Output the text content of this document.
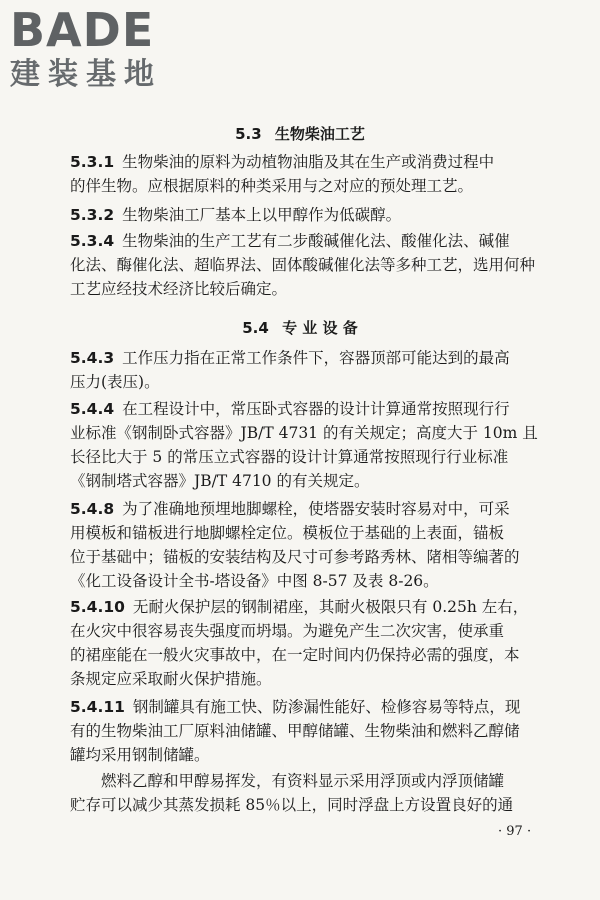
BADE
建装基地
5.3 生物柴油工艺
5.3.1 生物柴油的原料为动植物油脂及其在生产或消费过程中
的伴生物。应根据原料的种类采用与之对应的预处理工艺。
5.3.2 生物柴油工厂基本上以甲醇作为低碳醇。
5.3.4 生物柴油的生产工艺有二步酸碱催化法、酸催化法、碱催
化法、酶催化法、超临界法、固体酸碱催化法等多种工艺，选用何种
工艺应经技术经济比较后确定。
5.4 专 业 设 备
5.4.3 工作压力指在正常工作条件下，容器顶部可能达到的最高
压力(表压)。
5.4.4 在工程设计中，常压卧式容器的设计计算通常按照现行行
业标准《钢制卧式容器》JB/T 4731 的有关规定；高度大于 10m 且
长径比大于 5 的常压立式容器的设计计算通常按照现行行业标准
《钢制塔式容器》JB/T 4710 的有关规定。
5.4.8 为了准确地预埋地脚螺栓，使塔器安装时容易对中，可采
用模板和锚板进行地脚螺栓定位。模板位于基础的上表面，锚板
位于基础中；锚板的安装结构及尺寸可参考路秀林、陼相等编著的
《化工设备设计全书-塔设备》中图 8-57 及表 8-26。
5.4.10 无耐火保护层的钢制裙座，其耐火极限只有 0.25h 左右，
在火灾中很容易丧失强度而坍塌。为避免产生二次灾害，使承重
的裙座能在一般火灾事故中，在一定时间内仍保持必需的强度，本
条规定应采取耐火保护措施。
5.4.11 钢制罐具有施工快、防渗漏性能好、检修容易等特点，现
有的生物柴油工厂原料油储罐、甲醇储罐、生物柴油和燃料乙醇储
罐均采用钢制储罐。
燃料乙醇和甲醇易挥发，有资料显示采用浮顶或内浮顶储罐
贮存可以减少其蒸发损耗 85％以上，同时浮盘上方设置良好的通
· 97 ·
